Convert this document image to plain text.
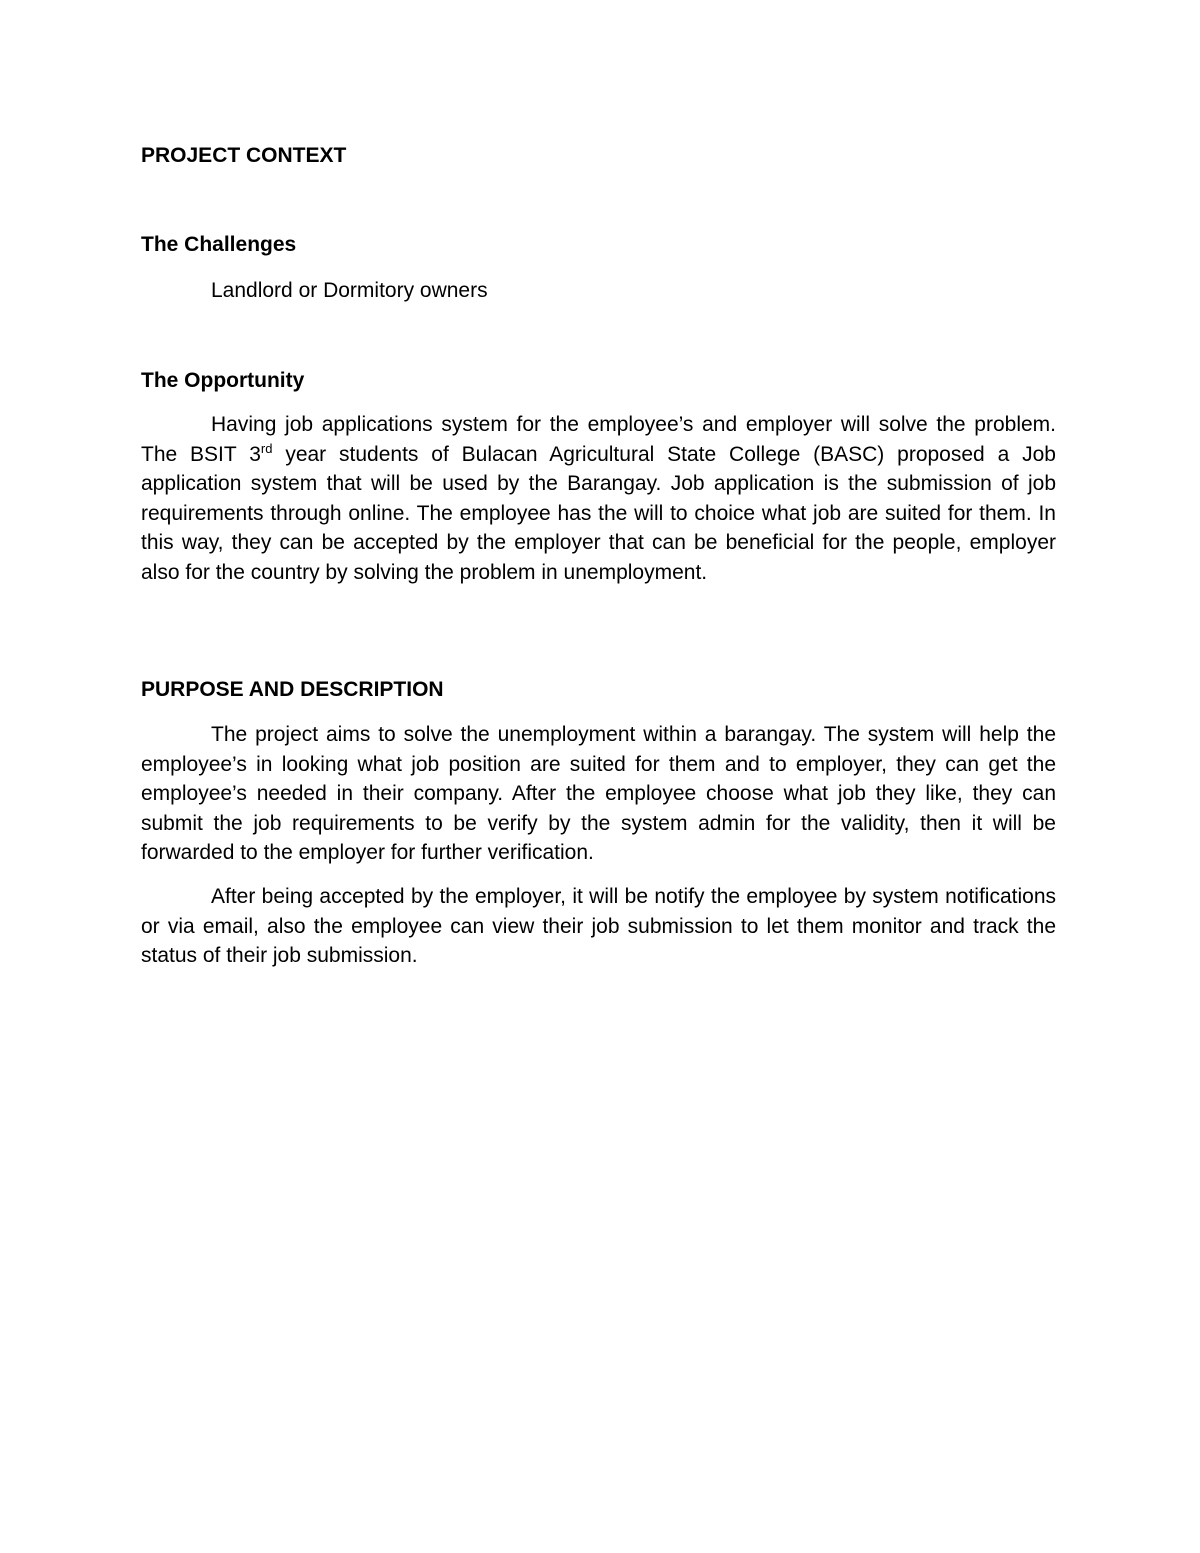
PROJECT CONTEXT
The Challenges

Landlord or Dormitory owners

The Opportunity

Having job applications system for the employee’s and employer will solve the problem. The BSIT 3rd year students of Bulacan Agricultural State College (BASC) proposed a Job application system that will be used by the Barangay. Job application is the submission of job requirements through online. The employee has the will to choice what job are suited for them. In this way, they can be accepted by the employer that can be beneficial for the people, employer also for the country by solving the problem in unemployment.

PURPOSE AND DESCRIPTION

The project aims to solve the unemployment within a barangay. The system will help the employee’s in looking what job position are suited for them and to employer, they can get the employee’s needed in their company. After the employee choose what job they like, they can submit the job requirements to be verify by the system admin for the validity, then it will be forwarded to the employer for further verification.

After being accepted by the employer, it will be notify the employee by system notifications or via email, also the employee can view their job submission to let them monitor and track the status of their job submission.
